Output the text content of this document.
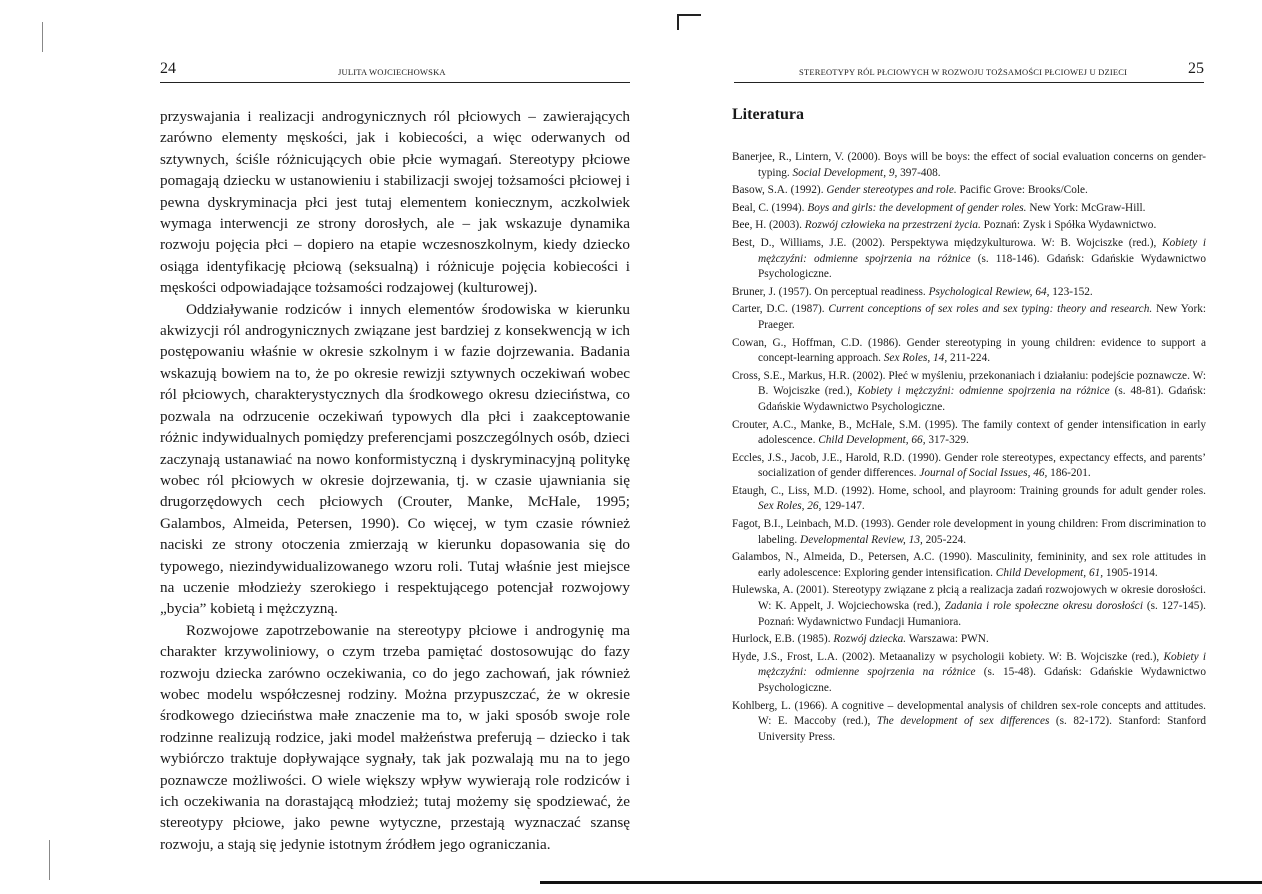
24	JULITA WOJCIECHOWSKA

przyswajania i realizacji androgynicznych ról płciowych – zawierających zarówno elementy męskości, jak i kobiecości, a więc oderwanych od sztywnych, ściśle różnicujących obie płcie wymagań. Stereotypy płciowe pomagają dziecku w ustanowieniu i stabilizacji swojej tożsamości płciowej i pewna dyskryminacja płci jest tutaj elementem koniecznym, aczkolwiek wymaga interwencji ze strony dorosłych, ale – jak wskazuje dynamika rozwoju pojęcia płci – dopiero na etapie wczesnoszkolnym, kiedy dziecko osiąga identyfikację płciową (seksualną) i różnicuje pojęcia kobiecości i męskości odpowiadające tożsamości rodzajowej (kulturowej).

Oddziaływanie rodziców i innych elementów środowiska w kierunku akwizycji ról androgynicznych związane jest bardziej z konsekwencją w ich postępowaniu właśnie w okresie szkolnym i w fazie dojrzewania. Badania wskazują bowiem na to, że po okresie rewizji sztywnych oczekiwań wobec ról płciowych, charakterystycznych dla środkowego okresu dzieciństwa, co pozwala na odrzucenie oczekiwań typowych dla płci i zaakceptowanie różnic indywidualnych pomiędzy preferencjami poszczególnych osób, dzieci zaczynają ustanawiać na nowo konformistyczną i dyskryminacyjną politykę wobec ról płciowych w okresie dojrzewania, tj. w czasie ujawniania się drugorzędowych cech płciowych (Crouter, Manke, McHale, 1995; Galambos, Almeida, Petersen, 1990). Co więcej, w tym czasie również naciski ze strony otoczenia zmierzają w kierunku dopasowania się do typowego, niezindywidualizowanego wzoru roli. Tutaj właśnie jest miejsce na uczenie młodzieży szerokiego i respektującego potencjał rozwojowy „bycia” kobietą i mężczyzną.

Rozwojowe zapotrzebowanie na stereotypy płciowe i androgynię ma charakter krzywoliniowy, o czym trzeba pamiętać dostosowując do fazy rozwoju dziecka zarówno oczekiwania, co do jego zachowań, jak również wobec modelu współczesnej rodziny. Można przypuszczać, że w okresie środkowego dzieciństwa małe znaczenie ma to, w jaki sposób swoje role rodzinne realizują rodzice, jaki model małżeństwa preferują – dziecko i tak wybiórczo traktuje dopływające sygnały, tak jak pozwalają mu na to jego poznawcze możliwości. O wiele większy wpływ wywierają role rodziców i ich oczekiwania na dorastającą młodzież; tutaj możemy się spodziewać, że stereotypy płciowe, jako pewne wytyczne, przestają wyznaczać szansę rozwoju, a stają się jedynie istotnym źródłem jego ograniczania.

STEREOTYPY RÓL PŁCIOWYCH W ROZWOJU TOŻSAMOŚCI PŁCIOWEJ U DZIECI	25
Literatura

Banerjee, R., Lintern, V. (2000). Boys will be boys: the effect of social evaluation concerns on gender-typing. Social Development, 9, 397-408.

Basow, S.A. (1992). Gender stereotypes and role. Pacific Grove: Brooks/Cole.

Beal, C. (1994). Boys and girls: the development of gender roles. New York: McGraw-Hill.

Bee, H. (2003). Rozwój człowieka na przestrzeni życia. Poznań: Zysk i Spółka Wydawnictwo.

Best, D., Williams, J.E. (2002). Perspektywa międzykulturowa. W: B. Wojciszke (red.), Kobiety i mężczyźni: odmienne spojrzenia na różnice (s. 118-146). Gdańsk: Gdańskie Wydawnictwo Psychologiczne.

Bruner, J. (1957). On perceptual readiness. Psychological Rewiew, 64, 123-152.

Carter, D.C. (1987). Current conceptions of sex roles and sex typing: theory and research. New York: Praeger.

Cowan, G., Hoffman, C.D. (1986). Gender stereotyping in young children: evidence to support a concept-learning approach. Sex Roles, 14, 211-224.

Cross, S.E., Markus, H.R. (2002). Płeć w myśleniu, przekonaniach i działaniu: podejście poznawcze. W: B. Wojciszke (red.), Kobiety i mężczyźni: odmienne spojrzenia na różnice (s. 48-81). Gdańsk: Gdańskie Wydawnictwo Psychologiczne.

Crouter, A.C., Manke, B., McHale, S.M. (1995). The family context of gender intensification in early adolescence. Child Development, 66, 317-329.

Eccles, J.S., Jacob, J.E., Harold, R.D. (1990). Gender role stereotypes, expectancy effects, and parents’ socialization of gender differences. Journal of Social Issues, 46, 186-201.

Etaugh, C., Liss, M.D. (1992). Home, school, and playroom: Training grounds for adult gender roles. Sex Roles, 26, 129-147.

Fagot, B.I., Leinbach, M.D. (1993). Gender role development in young children: From discrimination to labeling. Developmental Review, 13, 205-224.

Galambos, N., Almeida, D., Petersen, A.C. (1990). Masculinity, femininity, and sex role attitudes in early adolescence: Exploring gender intensification. Child Development, 61, 1905-1914.

Hulewska, A. (2001). Stereotypy związane z płcią a realizacja zadań rozwojowych w okresie dorosłości. W: K. Appelt, J. Wojciechowska (red.), Zadania i role społeczne okresu dorosłości (s. 127-145). Poznań: Wydawnictwo Fundacji Humaniora.

Hurlock, E.B. (1985). Rozwój dziecka. Warszawa: PWN.

Hyde, J.S., Frost, L.A. (2002). Metaanalizy w psychologii kobiety. W: B. Wojciszke (red.), Kobiety i mężczyźni: odmienne spojrzenia na różnice (s. 15-48). Gdańsk: Gdańskie Wydawnictwo Psychologiczne.

Kohlberg, L. (1966). A cognitive – developmental analysis of children sex-role concepts and attitudes. W: E. Maccoby (red.), The development of sex differences (s. 82-172). Stanford: Stanford University Press.
